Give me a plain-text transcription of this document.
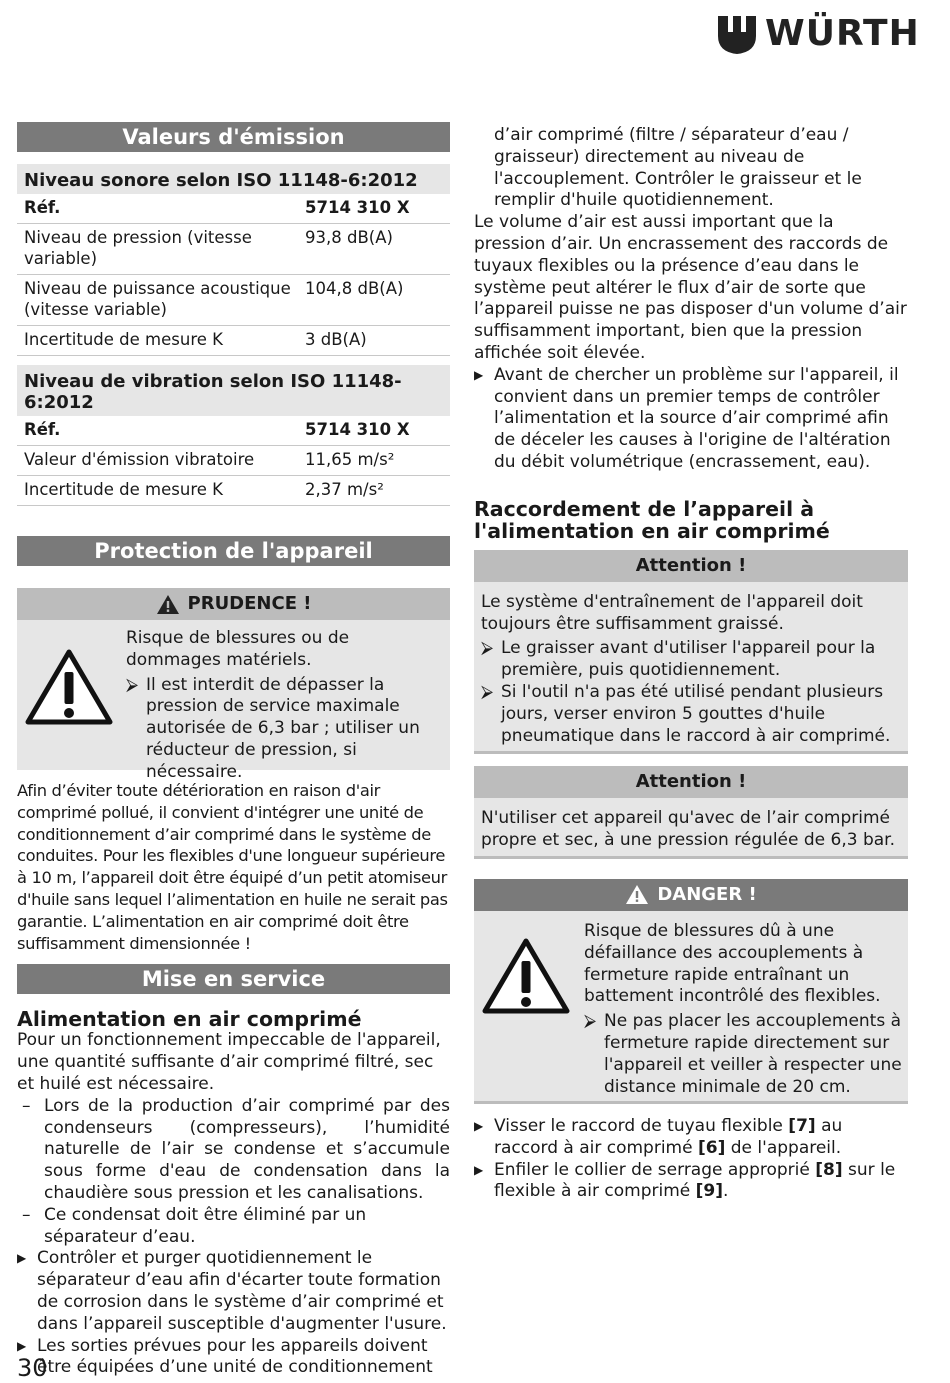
WÜRTH
Valeurs d'émission
Niveau sonore selon ISO 11148-6:2012	
Réf.	5714 310 X
Niveau de pression (vitesse variable)	93,8 dB(A)
Niveau de puissance acoustique (vitesse variable)	104,8 dB(A)
Incertitude de mesure K	3 dB(A)
Niveau de vibration selon ISO 11148-6:2012	
Réf.	5714 310 X
Valeur d'émission vibratoire	11,65 m/s²
Incertitude de mesure K	2,37 m/s²
Protection de l'appareil
PRUDENCE !

Risque de blessures ou de dommages matériels.

⮚ Il est interdit de dépasser la pression de service maximale autorisée de 6,3 bar ; utiliser un réducteur de pression, si nécessaire.

Afin d’éviter toute détérioration en raison d'air comprimé pollué, il convient d'intégrer une unité de conditionnement d’air comprimé dans le système de conduites. Pour les flexibles d'une longueur supérieure à 10 m, l’appareil doit être équipé d’un petit atomiseur d'huile sans lequel l’alimentation en huile ne serait pas garantie. L’alimentation en air comprimé doit être suffisamment dimensionnée !

Mise en service
Alimentation en air comprimé

Pour un fonctionnement impeccable de l'appareil, une quantité suffisante d’air comprimé filtré, sec et huilé est nécessaire.

– Lors de la production d’air comprimé par des condenseurs (compresseurs), l’humidité naturelle de l’air se condense et s’accumule sous forme d'eau de condensation dans la chaudière sous pression et les canalisations.
– Ce condensat doit être éliminé par un séparateur d’eau.
▶ Contrôler et purger quotidiennement le séparateur d’eau afin d'écarter toute formation de corrosion dans le système d’air comprimé et dans l’appareil susceptible d'augmenter l'usure.
▶ Les sorties prévues pour les appareils doivent être équipées d’une unité de conditionnement

d’air comprimé (filtre / séparateur d’eau / graisseur) directement au niveau de l'accouplement. Contrôler le graisseur et le remplir d'huile quotidiennement.

Le volume d’air est aussi important que la pression d’air. Un encrassement des raccords de tuyaux flexibles ou la présence d’eau dans le système peut altérer le flux d’air de sorte que l’appareil puisse ne pas disposer d'un volume d’air suffisamment important, bien que la pression affichée soit élevée.

▶ Avant de chercher un problème sur l'appareil, il convient dans un premier temps de contrôler l’alimentation et la source d’air comprimé afin de déceler les causes à l'origine de l'altération du débit volumétrique (encrassement, eau).
Raccordement de l’appareil à l'alimentation en air comprimé
Attention !

Le système d'entraînement de l'appareil doit toujours être suffisamment graissé.

⮚ Le graisser avant d'utiliser l'appareil pour la première, puis quotidiennement.
⮚ Si l'outil n'a pas été utilisé pendant plusieurs jours, verser environ 5 gouttes d'huile pneumatique dans le raccord à air comprimé.
Attention !

N'utiliser cet appareil qu'avec de l’air comprimé propre et sec, à une pression régulée de 6,3 bar.

DANGER !

Risque de blessures dû à une défaillance des accouplements à fermeture rapide entraînant un battement incontrôlé des flexibles.

⮚ Ne pas placer les accouplements à fermeture rapide directement sur l'appareil et veiller à respecter une distance minimale de 20 cm.
▶ Visser le raccord de tuyau flexible [7] au raccord à air comprimé [6] de l'appareil.
▶ Enfiler le collier de serrage approprié [8] sur le flexible à air comprimé [9].
30
